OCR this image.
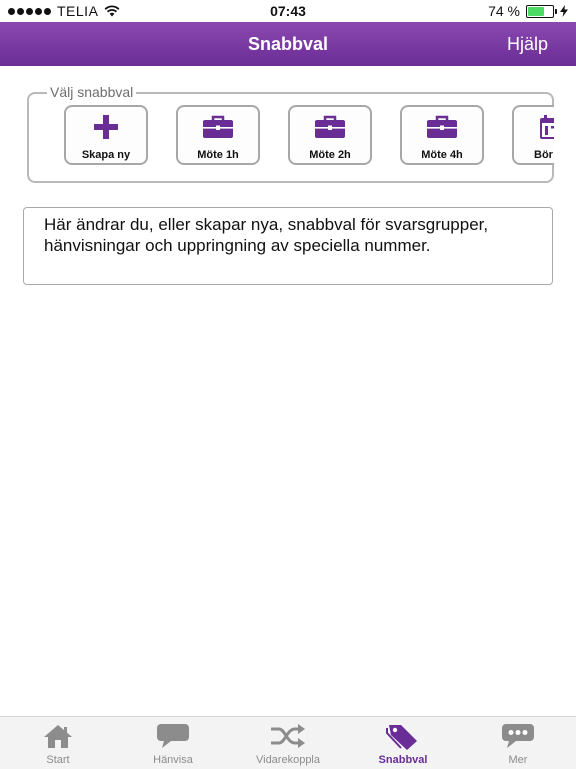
TELIA	07:43	74 %
Snabbval	Hjälp
Välj snabbval
Skapa ny	Möte 1h	Möte 2h	Möte 4h	Bör
Här ändrar du, eller skapar nya, snabbval för svarsgrupper, hänvisningar och uppringning av speciella nummer.
Start	Hänvisa	Vidarekoppla	Snabbval	Mer
